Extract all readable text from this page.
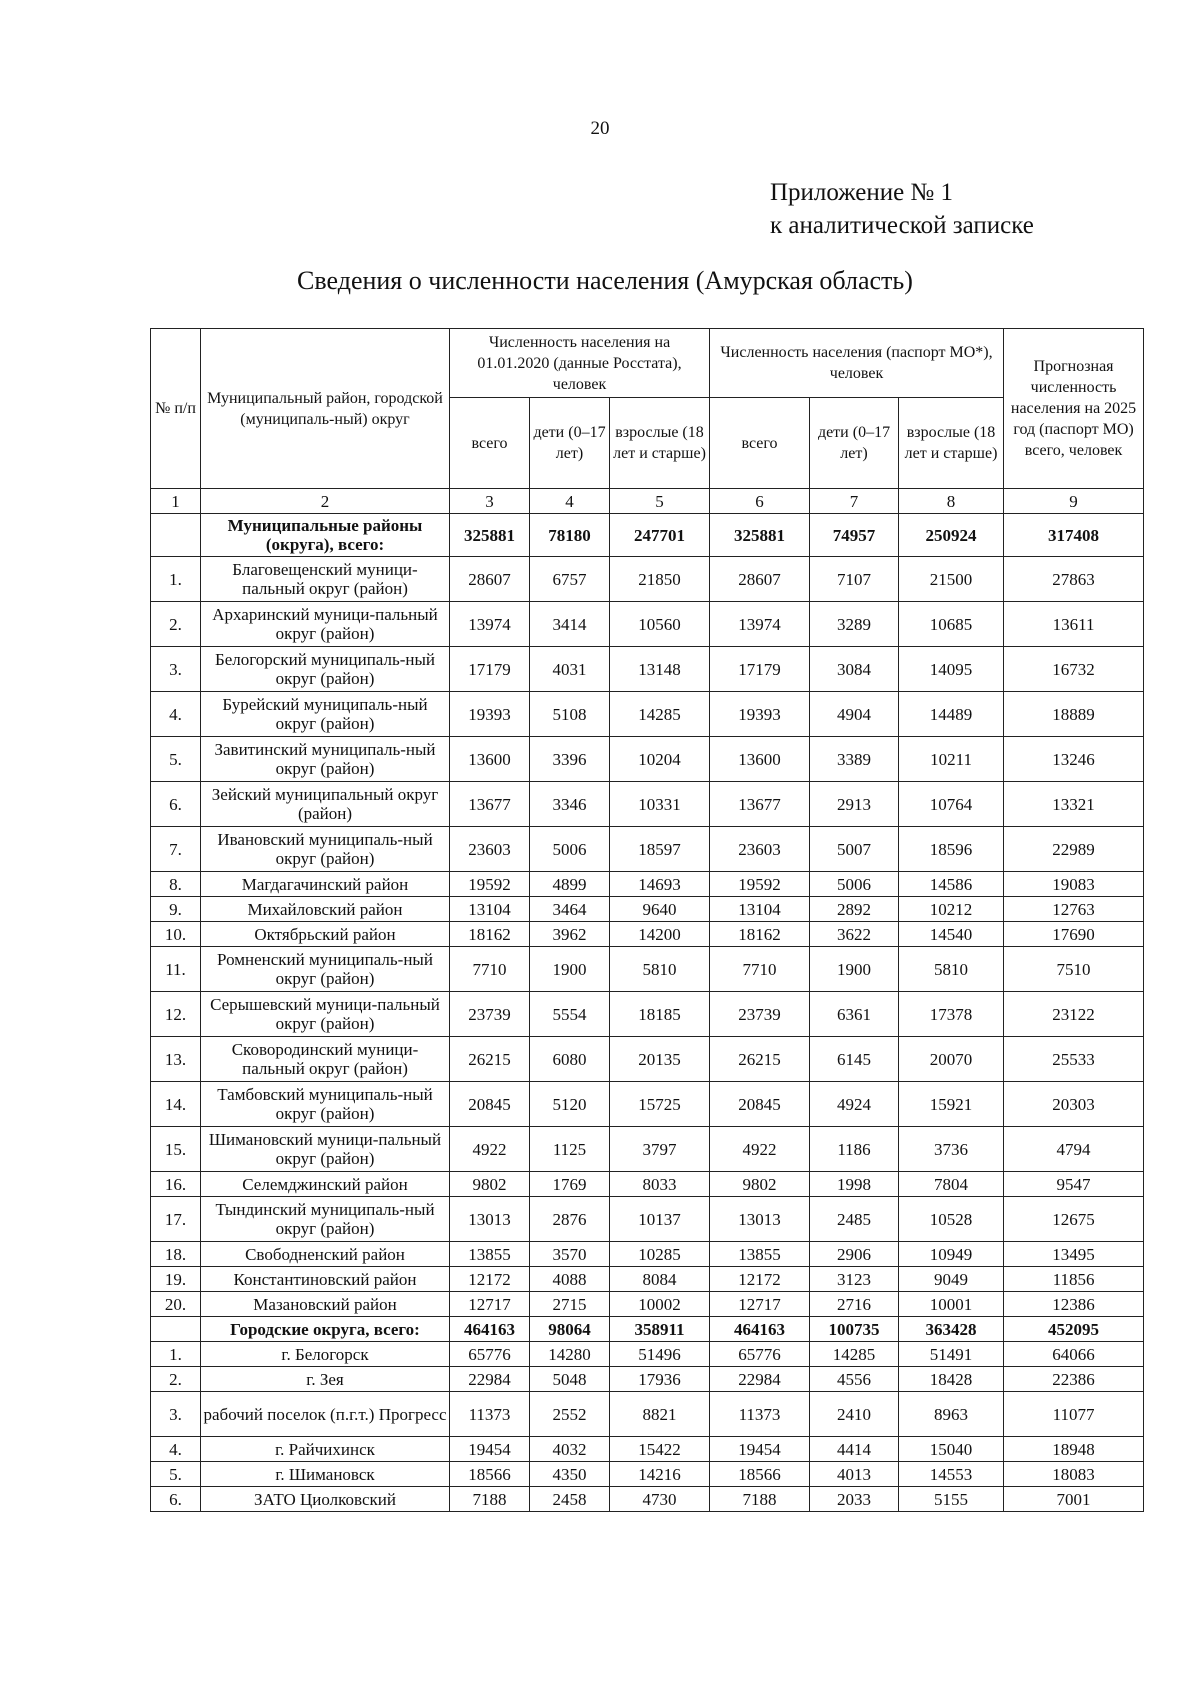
20
Приложение № 1
к аналитической записке
Сведения о численности населения (Амурская область)
№ п/п	Муниципальный район, городской (муниципаль-ный) округ	Численность населения на 01.01.2020 (данные Росстата), человек			Численность населения (паспорт МО*), человек			Прогнозная численность населения на 2025 год (паспорт МО) всего, человек
		всего	дети (0–17 лет)	взрослые (18 лет и старше)	всего	дети (0–17 лет)	взрослые (18 лет и старше)	
1	2	3	4	5	6	7	8	9
	Муниципальные районы (округа), всего:	325881	78180	247701	325881	74957	250924	317408
1.	Благовещенский муници-пальный округ (район)	28607	6757	21850	28607	7107	21500	27863
2.	Архаринский муници-пальный округ (район)	13974	3414	10560	13974	3289	10685	13611
3.	Белогорский муниципаль-ный округ (район)	17179	4031	13148	17179	3084	14095	16732
4.	Бурейский муниципаль-ный округ (район)	19393	5108	14285	19393	4904	14489	18889
5.	Завитинский муниципаль-ный округ (район)	13600	3396	10204	13600	3389	10211	13246
6.	Зейский муниципальный округ (район)	13677	3346	10331	13677	2913	10764	13321
7.	Ивановский муниципаль-ный округ (район)	23603	5006	18597	23603	5007	18596	22989
8.	Магдагачинский район	19592	4899	14693	19592	5006	14586	19083
9.	Михайловский район	13104	3464	9640	13104	2892	10212	12763
10.	Октябрьский район	18162	3962	14200	18162	3622	14540	17690
11.	Ромненский муниципаль-ный округ (район)	7710	1900	5810	7710	1900	5810	7510
12.	Серышевский муници-пальный округ (район)	23739	5554	18185	23739	6361	17378	23122
13.	Сковородинский муници-пальный округ (район)	26215	6080	20135	26215	6145	20070	25533
14.	Тамбовский муниципаль-ный округ (район)	20845	5120	15725	20845	4924	15921	20303
15.	Шимановский муници-пальный округ (район)	4922	1125	3797	4922	1186	3736	4794
16.	Селемджинский район	9802	1769	8033	9802	1998	7804	9547
17.	Тындинский муниципаль-ный округ (район)	13013	2876	10137	13013	2485	10528	12675
18.	Свободненский район	13855	3570	10285	13855	2906	10949	13495
19.	Константиновский район	12172	4088	8084	12172	3123	9049	11856
20.	Мазановский район	12717	2715	10002	12717	2716	10001	12386
	Городские округа, всего:	464163	98064	358911	464163	100735	363428	452095
1.	г. Белогорск	65776	14280	51496	65776	14285	51491	64066
2.	г. Зея	22984	5048	17936	22984	4556	18428	22386
3.	рабочий поселок (п.г.т.) Прогресс	11373	2552	8821	11373	2410	8963	11077
4.	г. Райчихинск	19454	4032	15422	19454	4414	15040	18948
5.	г. Шимановск	18566	4350	14216	18566	4013	14553	18083
6.	ЗАТО Циолковский	7188	2458	4730	7188	2033	5155	7001
